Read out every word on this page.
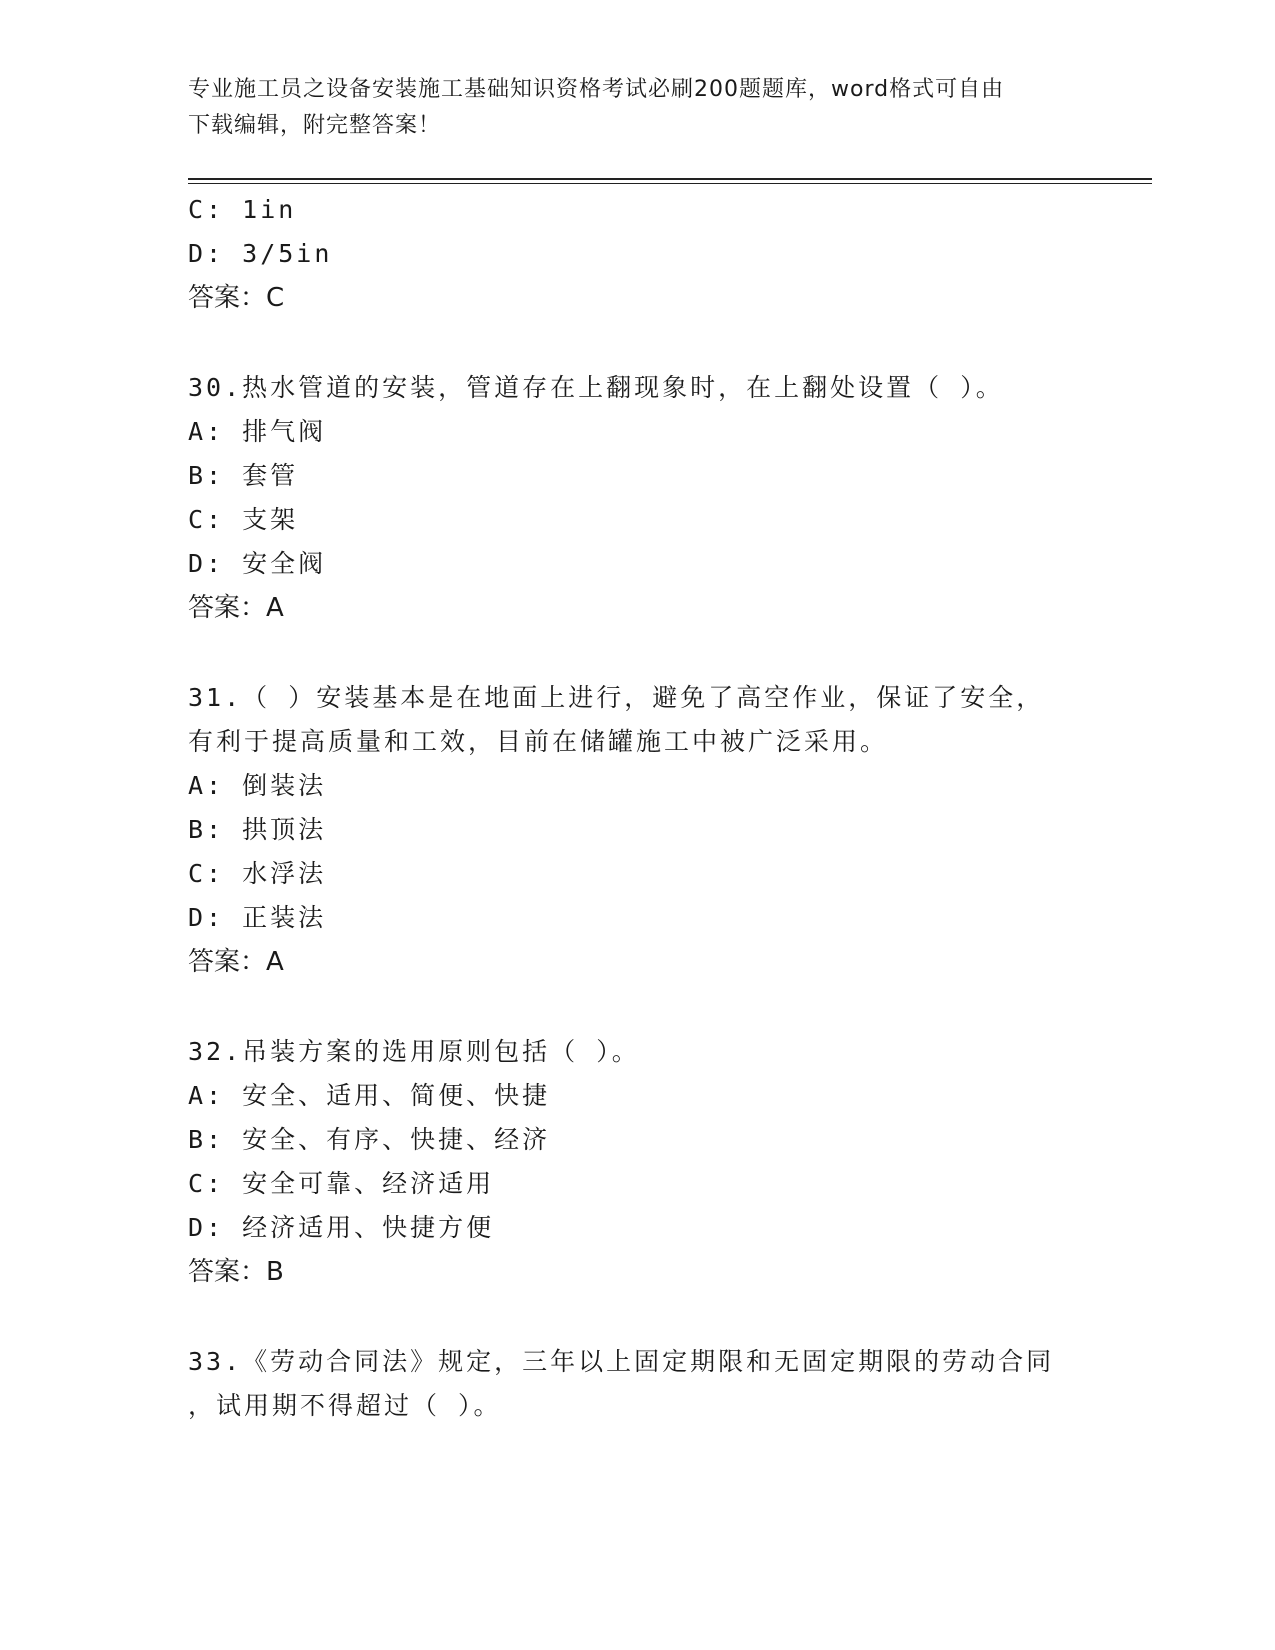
专业施工员之设备安装施工基础知识资格考试必刷200题题库，word格式可自由
下载编辑，附完整答案！
C: 1in
D: 3/5in
答案：C
30.热水管道的安装，管道存在上翻现象时，在上翻处设置（ ）。
A: 排气阀
B: 套管
C: 支架
D: 安全阀
答案：A
31.（ ）安装基本是在地面上进行，避免了高空作业，保证了安全，
有利于提高质量和工效，目前在储罐施工中被广泛采用。
A: 倒装法
B: 拱顶法
C: 水浮法
D: 正装法
答案：A
32.吊装方案的选用原则包括（ ）。
A: 安全、适用、简便、快捷
B: 安全、有序、快捷、经济
C: 安全可靠、经济适用
D: 经济适用、快捷方便
答案：B
33.《劳动合同法》规定，三年以上固定期限和无固定期限的劳动合同
，试用期不得超过（ ）。
